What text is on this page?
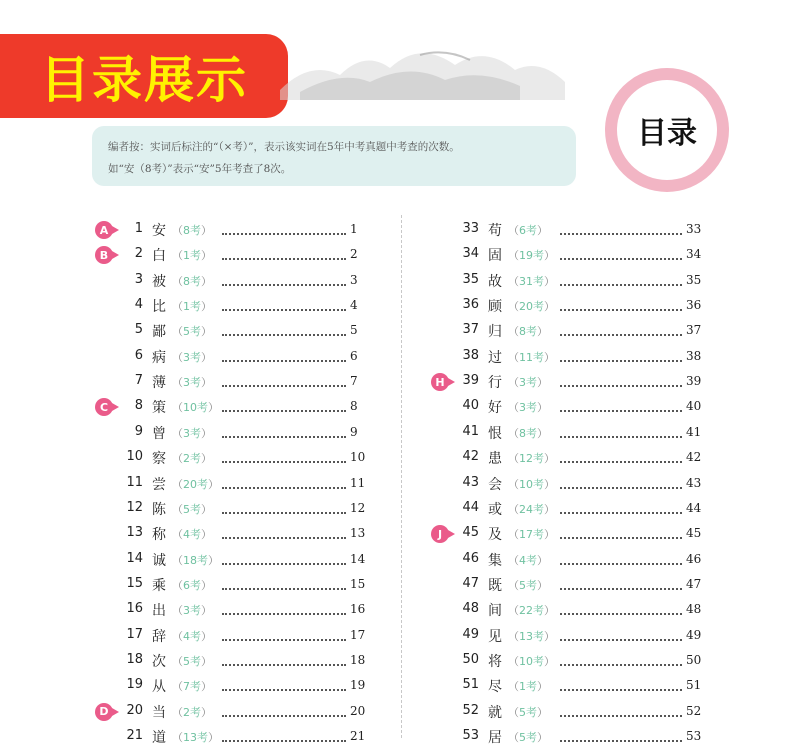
目录展示
目录
编者按：实词后标注的“（×考）”，表示该实词在5年中考真题中考查的次数。
如“安（8考）”表示“安”5年考查了8次。
A	1 安 （8考）	1
B	2 白 （1考）	2
3 被 （8考）	3
4 比 （1考）	4
5 鄙 （5考）	5
6 病 （3考）	6
7 薄 （3考）	7
C	8 策 （10考）	8
9 曾 （3考）	9
10 察 （2考）	10
11 尝 （20考）	11
12 陈 （5考）	12
13 称 （4考）	13
14 诚 （18考）	14
15 乘 （6考）	15
16 出 （3考）	16
17 辞 （4考）	17
18 次 （5考）	18
19 从 （7考）	19
D	20 当 （2考）	20
21 道 （13考）	21
33 苟 （6考）	33
34 固 （19考）	34
35 故 （31考）	35
36 顾 （20考）	36
37 归 （8考）	37
38 过 （11考）	38
H	39 行 （3考）	39
40 好 （3考）	40
41 恨 （8考）	41
42 患 （12考）	42
43 会 （10考）	43
44 或 （24考）	44
J	45 及 （17考）	45
46 集 （4考）	46
47 既 （5考）	47
48 间 （22考）	48
49 见 （13考）	49
50 将 （10考）	50
51 尽 （1考）	51
52 就 （5考）	52
53 居 （5考）	53
